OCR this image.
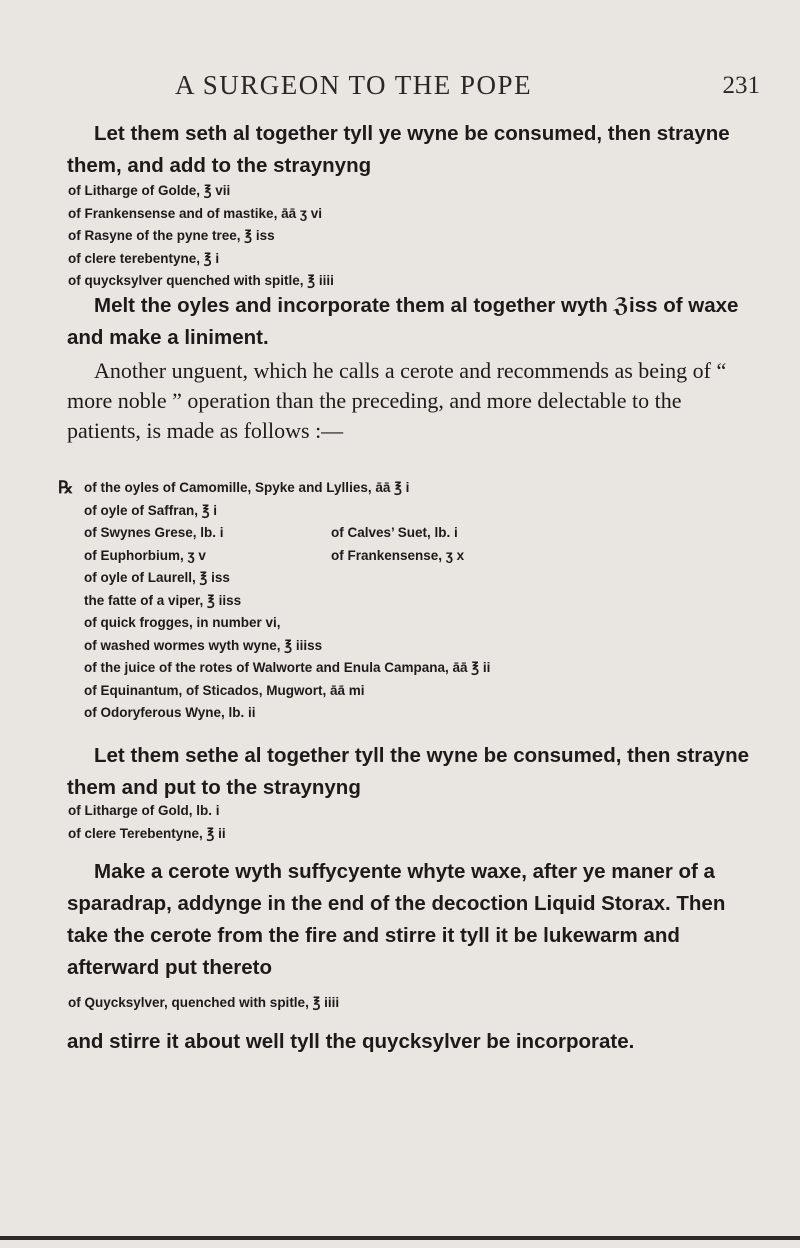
A SURGEON TO THE POPE	231
Let them seth al together tyll ye wyne be consumed, then strayne them, and add to the straynyng
of Litharge of Golde, ℥ vii
of Frankensense and of mastike, āā ʒ vi
of Rasyne of the pyne tree, ℥ iss
of clere terebentyne, ℥ i
of quycksylver quenched with spitle, ℥ iiii
Melt the oyles and incorporate them al together wyth ℨiss of waxe and make a liniment.
Another unguent, which he calls a cerote and recommends as being of “ more noble ” operation than the preceding, and more delectable to the patients, is made as follows :—
℞ of the oyles of Camomille, Spyke and Lyllies, āā ℥ i
of oyle of Saffran, ℥ i
of Swynes Grese, lb. i	of Calves’ Suet, lb. i
of Euphorbium, ʒ v	of Frankensense, ʒ x
of oyle of Laurell, ℥ iss
the fatte of a viper, ℥ iiss
of quick frogges, in number vi,
of washed wormes wyth wyne, ℥ iiiss
of the juice of the rotes of Walworte and Enula Campana, āā ℥ ii
of Equinantum, of Sticados, Mugwort, āā mi
of Odoryferous Wyne, lb. ii
Let them sethe al together tyll the wyne be consumed, then strayne them and put to the straynyng
of Litharge of Gold, lb. i
of clere Terebentyne, ℥ ii
Make a cerote wyth suffycyente whyte waxe, after ye maner of a sparadrap, addynge in the end of the decoction Liquid Storax. Then take the cerote from the fire and stirre it tyll it be lukewarm and afterward put thereto
of Quycksylver, quenched with spitle, ℥ iiii
and stirre it about well tyll the quycksylver be incorporate.
